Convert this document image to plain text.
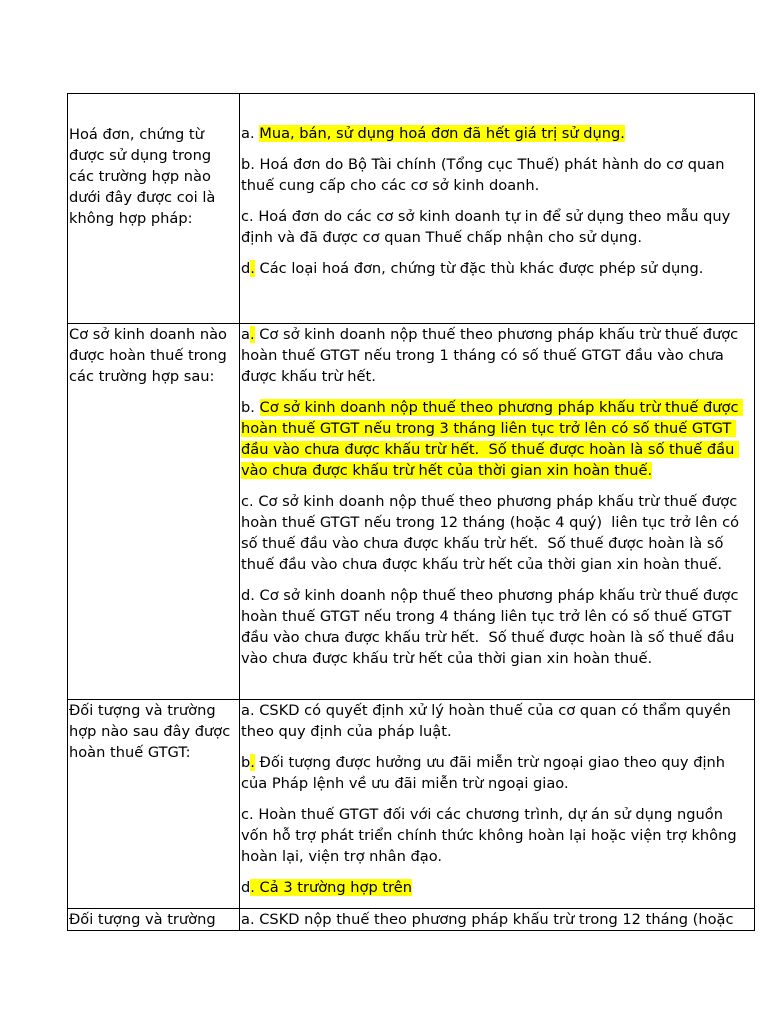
Hoá đơn, chứng từ được sử dụng trong các trường hợp nào dưới đây được coi là không hợp pháp:	a. Mua, bán, sử dụng hoá đơn đã hết giá trị sử dụng.

b. Hoá đơn do Bộ Tài chính (Tổng cục Thuế) phát hành do cơ quan thuế cung cấp cho các cơ sở kinh doanh.

c. Hoá đơn do các cơ sở kinh doanh tự in để sử dụng theo mẫu quy định và đã được cơ quan Thuế chấp nhận cho sử dụng.

d. Các loại hoá đơn, chứng từ đặc thù khác được phép sử dụng.

Cơ sở kinh doanh nào được hoàn thuế trong các trường hợp sau:	a. Cơ sở kinh doanh nộp thuế theo phương pháp khấu trừ thuế được hoàn thuế GTGT nếu trong 1 tháng có số thuế GTGT đầu vào chưa được khấu trừ hết.

b. Cơ sở kinh doanh nộp thuế theo phương pháp khấu trừ thuế được hoàn thuế GTGT nếu trong 3 tháng liên tục trở lên có số thuế GTGT đầu vào chưa được khấu trừ hết.  Số thuế được hoàn là số thuế đầu vào chưa được khấu trừ hết của thời gian xin hoàn thuế.

c. Cơ sở kinh doanh nộp thuế theo phương pháp khấu trừ thuế được hoàn thuế GTGT nếu trong 12 tháng (hoặc 4 quý)  liên tục trở lên có số thuế đầu vào chưa được khấu trừ hết.  Số thuế được hoàn là số thuế đầu vào chưa được khấu trừ hết của thời gian xin hoàn thuế.

d. Cơ sở kinh doanh nộp thuế theo phương pháp khấu trừ thuế được hoàn thuế GTGT nếu trong 4 tháng liên tục trở lên có số thuế GTGT đầu vào chưa được khấu trừ hết.  Số thuế được hoàn là số thuế đầu vào chưa được khấu trừ hết của thời gian xin hoàn thuế.

Đối tượng và trường hợp nào sau đây được hoàn thuế GTGT:	a. CSKD có quyết định xử lý hoàn thuế của cơ quan có thẩm quyền theo quy định của pháp luật.

b. Đối tượng được hưởng ưu đãi miễn trừ ngoại giao theo quy định của Pháp lệnh về ưu đãi miễn trừ ngoại giao.

c. Hoàn thuế GTGT đối với các chương trình, dự án sử dụng nguồn vốn hỗ trợ phát triển chính thức không hoàn lại hoặc viện trợ không hoàn lại, viện trợ nhân đạo.

d. Cả 3 trường hợp trên

Đối tượng và trường	a. CSKD nộp thuế theo phương pháp khấu trừ trong 12 tháng (hoặc
